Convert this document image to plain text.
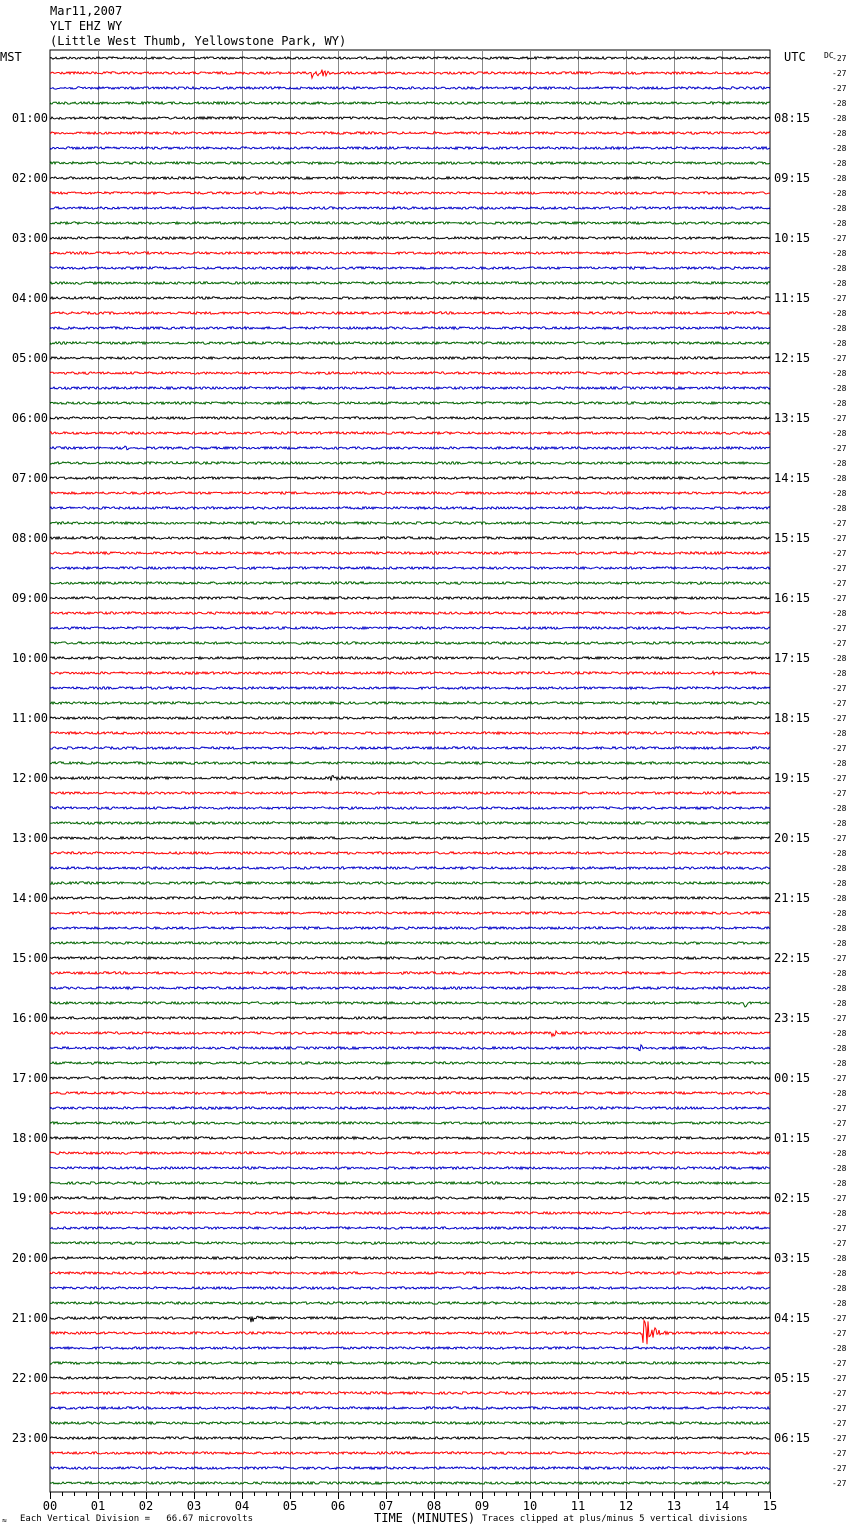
Mar11,2007
YLT EHZ WY
(Little West Thumb, Yellowstone Park, WY)
MST	UTC
01:00	08:15
02:00	09:15
03:00	10:15
04:00	11:15
05:00	12:15
06:00	13:15
07:00	14:15
08:00	15:15
09:00	16:15
10:00	17:15
11:00	18:15
12:00	19:15
13:00	20:15
14:00	21:15
15:00	22:15
16:00	23:15
17:00	00:15
18:00	01:15
19:00	02:15
20:00	03:15
21:00	04:15
22:00	05:15
23:00	06:15
DC
-27
-27
-27
-28
-28
-28
-28
-28
-28
-28
-28
-28
-27
-28
-28
-28
-27
-28
-28
-28
-27
-28
-28
-28
-27
-28
-27
-28
-28
-28
-28
-27
-27
-27
-27
-27
-27
-28
-27
-27
-28
-28
-27
-27
-27
-28
-27
-28
-27
-27
-28
-28
-27
-28
-28
-28
-28
-28
-28
-28
-27
-28
-28
-28
-27
-28
-28
-28
-27
-28
-27
-27
-27
-28
-28
-28
-27
-28
-27
-27
-28
-28
-28
-28
-27
-27
-28
-27
-27
-27
-27
-27
-27
-27
-27
-27
00	01	02	03	04	05	06	07	08	09	10	11	12	13	14	15
≈ Each Vertical Division =   66.67 microvolts	TIME (MINUTES) Traces clipped at plus/minus 5 vertical divisions
